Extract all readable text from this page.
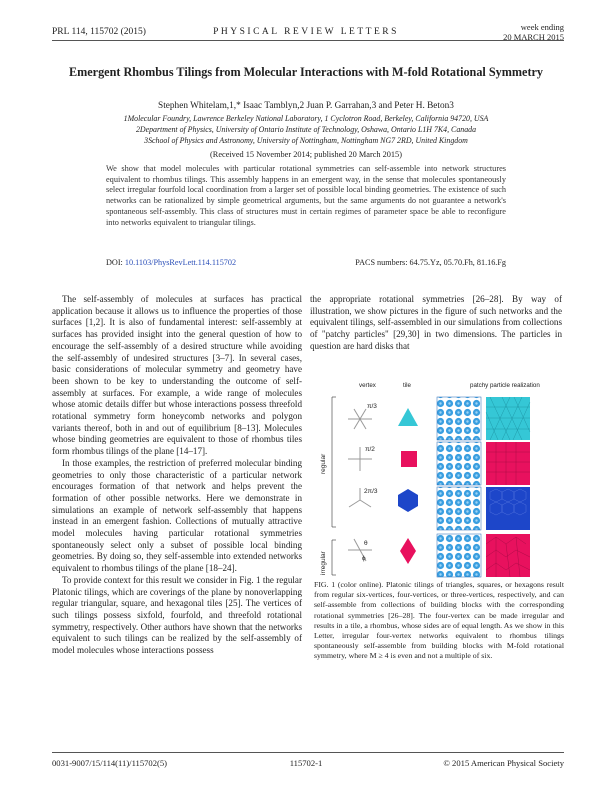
PRL 114, 115702 (2015)	PHYSICAL REVIEW LETTERS	week ending
20 MARCH 2015
Emergent Rhombus Tilings from Molecular Interactions with M-fold Rotational Symmetry
Stephen Whitelam,1,* Isaac Tamblyn,2 Juan P. Garrahan,3 and Peter H. Beton3
1Molecular Foundry, Lawrence Berkeley National Laboratory, 1 Cyclotron Road, Berkeley, California 94720, USA
2Department of Physics, University of Ontario Institute of Technology, Oshawa, Ontario L1H 7K4, Canada
3School of Physics and Astronomy, University of Nottingham, Nottingham NG7 2RD, United Kingdom
(Received 15 November 2014; published 20 March 2015)
We show that model molecules with particular rotational symmetries can self-assemble into network structures equivalent to rhombus tilings. This assembly happens in an emergent way, in the sense that molecules spontaneously select irregular fourfold local coordination from a larger set of possible local binding geometries. The existence of such networks can be rationalized by simple geometrical arguments, but the same arguments do not guarantee a network's spontaneous self-assembly. This class of structures must in certain regimes of parameter space be able to reconfigure into networks equivalent to triangular tilings.
DOI: 10.1103/PhysRevLett.114.115702	PACS numbers: 64.75.Yz, 05.70.Fh, 81.16.Fg

The self-assembly of molecules at surfaces has practical application because it allows us to influence the properties of those surfaces [1,2]. It is also of fundamental interest: self-assembly at surfaces has provided insight into the general question of how to encourage the self-assembly of a desired structure while avoiding the self-assembly of undesired structures [3–7]. In several cases, basic considerations of molecular symmetry and geometry have been shown to be key to understanding the outcome of self-assembly at surfaces. For example, a wide range of molecules whose atomic details differ but whose interactions possess threefold rotational symmetry form honeycomb networks and polygon variants thereof, both in and out of equilibrium [8–13]. Molecules whose binding geometries are equivalent to those of rhombus tiles form rhombus tilings of the plane [14–17].

In those examples, the restriction of preferred molecular binding geometries to only those characteristic of a particular network encourages formation of that network and helps prevent the formation of other possible networks. Here we demonstrate in simulations an example of network self-assembly that happens instead in an emergent fashion. Collections of mutually attractive model molecules having particular rotational symmetries spontaneously select only a subset of possible local binding geometries. By doing so, they self-assemble into extended networks equivalent to rhombus tilings of the plane [18–24].

To provide context for this result we consider in Fig. 1 the regular Platonic tilings, which are coverings of the plane by nonoverlapping regular triangular, square, and hexagonal tiles [25]. The vertices of such tilings possess sixfold, fourfold, and threefold rotational symmetry, respectively. Other authors have shown that the networks equivalent to such tilings can be realized by the self-assembly of model molecules whose interactions possess

the appropriate rotational symmetries [26–28]. By way of illustration, we show pictures in the figure of such networks and the equivalent tilings, self-assembled in our simulations from collections of "patchy particles" [29,30] in two dimensions. The particles in question are hard disks that

vertex	tile	patchy particle realization
regular
irregular
π/3
π/2
2π/3
θ
ϕ
FIG. 1 (color online). Platonic tilings of triangles, squares, or hexagons result from regular six-vertices, four-vertices, or three-vertices, respectively, and can self-assemble from collections of building blocks with the corresponding rotational symmetries [26–28]. The four-vertex can be made irregular and results in a tile, a rhombus, whose sides are of equal length. As we show in this Letter, irregular four-vertex networks equivalent to rhombus tilings spontaneously self-assemble from building blocks with M-fold rotational symmetry, where M ≥ 4 is even and not a multiple of six.
0031-9007/15/114(11)/115702(5)	115702-1	© 2015 American Physical Society
